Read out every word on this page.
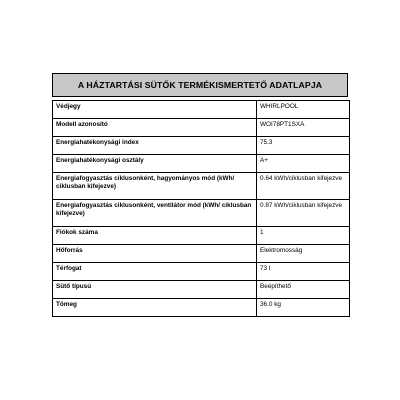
A HÁZTARTÁSI SÜTŐK TERMÉKISMERTETŐ ADATLAPJA
Védjegy	WHIRLPOOL
Modell azonosító	WOI78PT1SXA
Energiahatékonysági index	75.3
Energiahatékonysági osztály	A+
Energiafogyasztás ciklusonként, hagyományos mód (kWh/ ciklusban kifejezve)	0.64 kWh/ciklusban kifejezve
Energiafogyasztás ciklusonként, ventilátor mód (kWh/ ciklusban kifejezve)	0.87 kWh/ciklusban kifejezve
Fiókok száma	1
Hőforrás	Elektromosság
Térfogat	73 l
Sütő típusú	Beépíthető
Tömeg	36.0 kg
